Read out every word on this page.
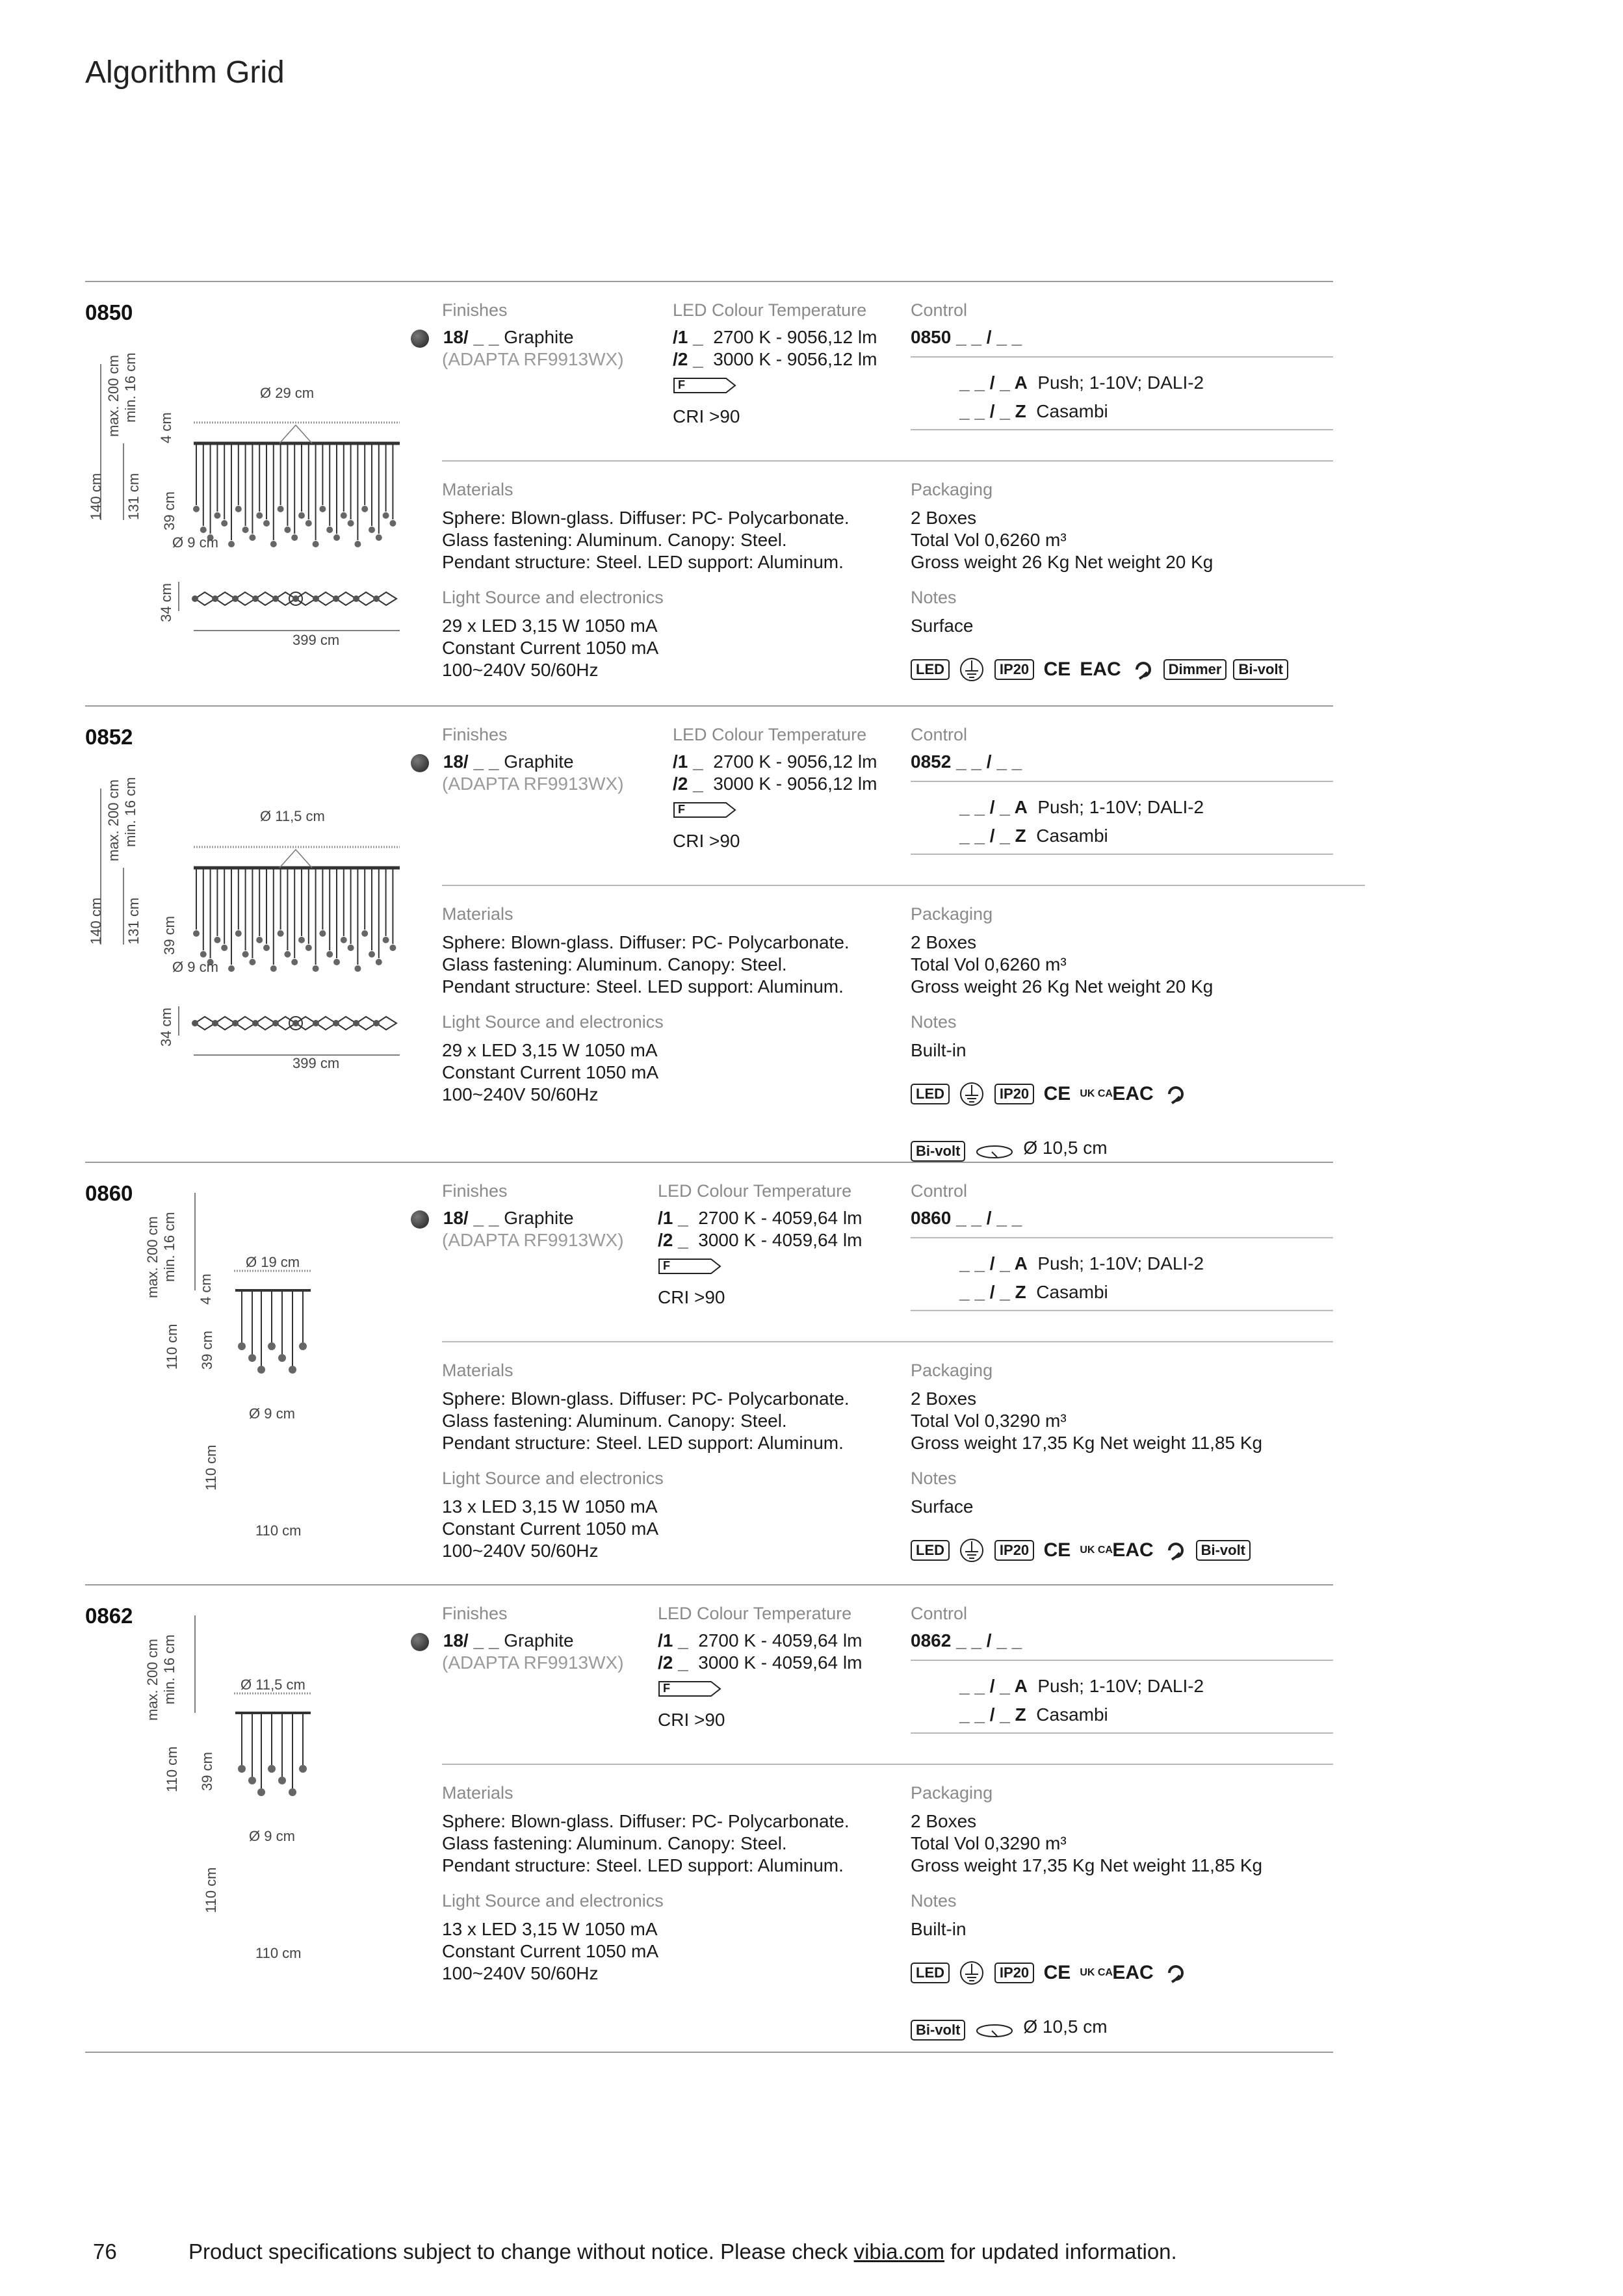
Algorithm Grid
0850
Ø 29 cm
Ø 9 cm
399 cm
max. 200 cm min. 16 cm
140 cm 131 cm 39 cm
4 cm
34 cm
Finishes
18/ _ _ Graphite
(ADAPTA RF9913WX)
LED Colour Temperature
/1 _ 2700 K - 9056,12 lm
/2 _ 3000 K - 9056,12 lm
F
CRI >90
Control
0850 _ _ / _ _
_ _ / _ A Push; 1-10V; DALI-2
_ _ / _ Z Casambi
Materials
Sphere: Blown-glass. Diffuser: PC- Polycarbonate.
Glass fastening: Aluminum. Canopy: Steel.
Pendant structure: Steel. LED support: Aluminum.
Packaging
2 Boxes
Total Vol 0,6260 m³
Gross weight 26 Kg Net weight 20 Kg
Light Source and electronics
29 x LED 3,15 W 1050 mA
Constant Current 1050 mA
100~240V 50/60Hz
Notes
Surface
LED	IP20 CE EAC	Dimmer Bi-volt
0852
Ø 11,5 cm
Ø 9 cm
399 cm
max. 200 cm min. 16 cm
140 cm 131 cm 39 cm
34 cm
Finishes
18/ _ _ Graphite
(ADAPTA RF9913WX)
LED Colour Temperature
/1 _ 2700 K - 9056,12 lm
/2 _ 3000 K - 9056,12 lm
F
CRI >90
Control
0852 _ _ / _ _
_ _ / _ A Push; 1-10V; DALI-2
_ _ / _ Z Casambi
Materials
Sphere: Blown-glass. Diffuser: PC- Polycarbonate.
Glass fastening: Aluminum. Canopy: Steel.
Pendant structure: Steel. LED support: Aluminum.
Packaging
2 Boxes
Total Vol 0,6260 m³
Gross weight 26 Kg Net weight 20 Kg
Light Source and electronics
29 x LED 3,15 W 1050 mA
Constant Current 1050 mA
100~240V 50/60Hz
Notes
Built-in
LED	IP20 CE UK CAEAC
Bi-volt	Ø 10,5 cm
0860
Ø 19 cm
Ø 9 cm
110 cm
max. 200 cm min. 16 cm
110 cm 39 cm
4 cm
110 cm
Finishes
18/ _ _ Graphite
(ADAPTA RF9913WX)
LED Colour Temperature
/1 _ 2700 K - 4059,64 lm
/2 _ 3000 K - 4059,64 lm
F
CRI >90
Control
0860 _ _ / _ _
_ _ / _ A Push; 1-10V; DALI-2
_ _ / _ Z Casambi
Materials
Sphere: Blown-glass. Diffuser: PC- Polycarbonate.
Glass fastening: Aluminum. Canopy: Steel.
Pendant structure: Steel. LED support: Aluminum.
Packaging
2 Boxes
Total Vol 0,3290 m³
Gross weight 17,35 Kg Net weight 11,85 Kg
Light Source and electronics
13 x LED 3,15 W 1050 mA
Constant Current 1050 mA
100~240V 50/60Hz
Notes
Surface
LED	IP20 CE UK CAEAC	Bi-volt
0862
Ø 11,5 cm
Ø 9 cm
110 cm
max. 200 cm min. 16 cm
110 cm 39 cm
110 cm
Finishes
18/ _ _ Graphite
(ADAPTA RF9913WX)
LED Colour Temperature
/1 _ 2700 K - 4059,64 lm
/2 _ 3000 K - 4059,64 lm
F
CRI >90
Control
0862 _ _ / _ _
_ _ / _ A Push; 1-10V; DALI-2
_ _ / _ Z Casambi
Materials
Sphere: Blown-glass. Diffuser: PC- Polycarbonate.
Glass fastening: Aluminum. Canopy: Steel.
Pendant structure: Steel. LED support: Aluminum.
Packaging
2 Boxes
Total Vol 0,3290 m³
Gross weight 17,35 Kg Net weight 11,85 Kg
Light Source and electronics
13 x LED 3,15 W 1050 mA
Constant Current 1050 mA
100~240V 50/60Hz
Notes
Built-in
LED	IP20 CE UK CAEAC
Bi-volt	Ø 10,5 cm
76	Product specifications subject to change without notice. Please check vibia.com for updated information.
